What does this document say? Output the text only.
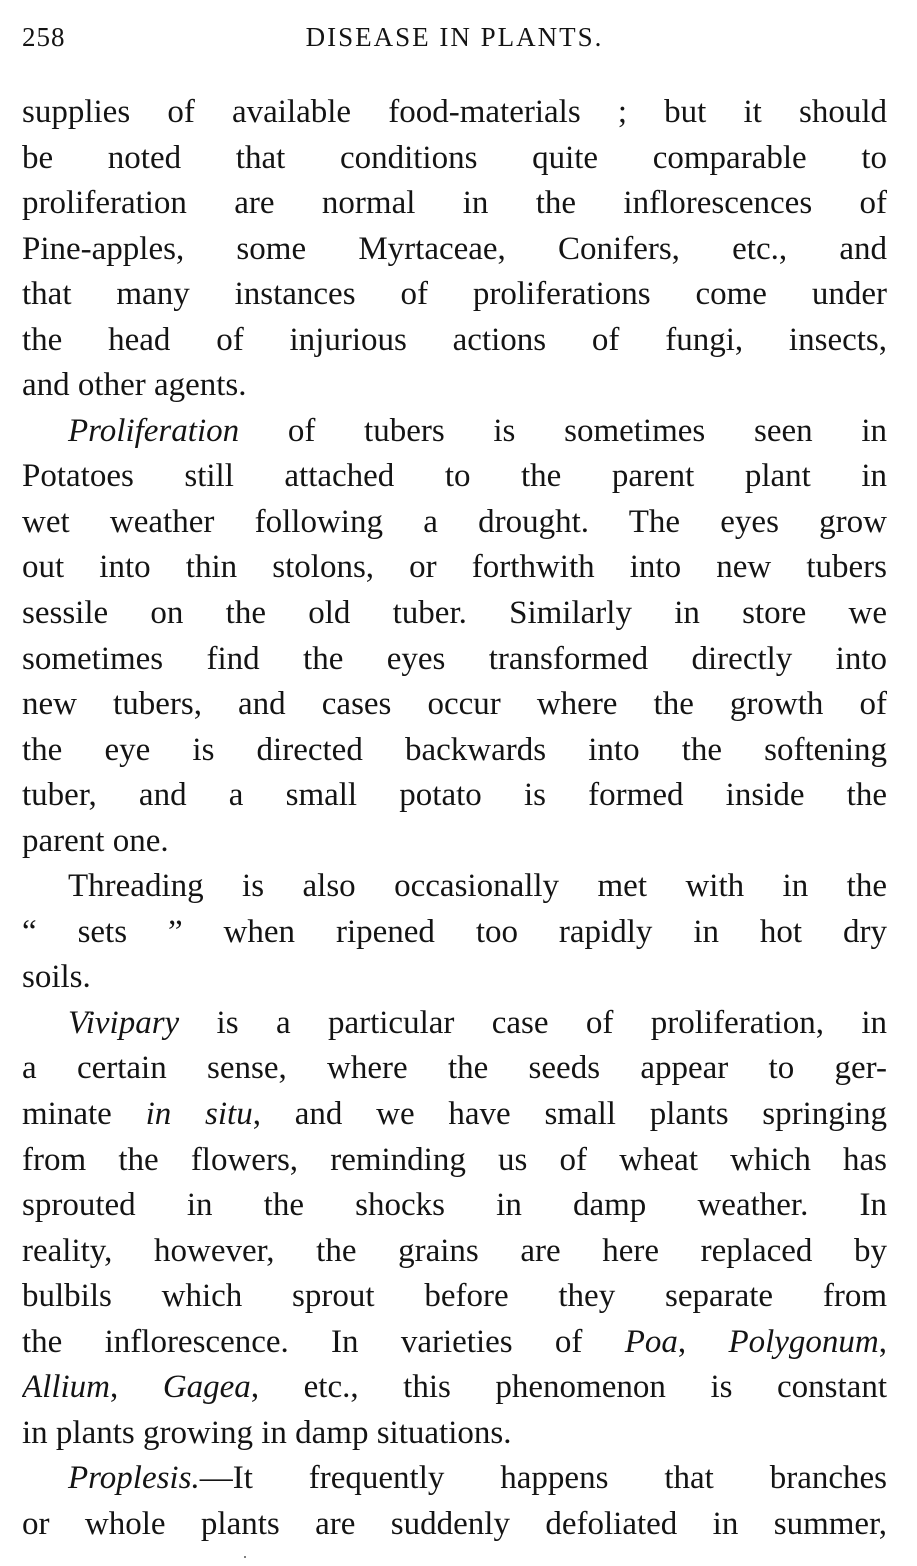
258	DISEASE IN PLANTS.
supplies of available food-materials ; but it should
be noted that conditions quite comparable to
proliferation are normal in the inflorescences of
Pine-apples, some Myrtaceae, Conifers, etc., and
that many instances of proliferations come under
the head of injurious actions of fungi, insects,
and other agents.
Proliferation of tubers is sometimes seen in
Potatoes still attached to the parent plant in
wet weather following a drought. The eyes grow
out into thin stolons, or forthwith into new tubers
sessile on the old tuber. Similarly in store we
sometimes find the eyes transformed directly into
new tubers, and cases occur where the growth of
the eye is directed backwards into the softening
tuber, and a small potato is formed inside the
parent one.
Threading is also occasionally met with in the
“ sets ” when ripened too rapidly in hot dry
soils.
Vivipary is a particular case of proliferation, in
a certain sense, where the seeds appear to ger-
minate in situ, and we have small plants springing
from the flowers, reminding us of wheat which has
sprouted in the shocks in damp weather. In
reality, however, the grains are here replaced by
bulbils which sprout before they separate from
the inflorescence. In varieties of Poa, Polygonum,
Allium, Gagea, etc., this phenomenon is constant
in plants growing in damp situations.
Proplesis.—It frequently happens that branches
or whole plants are suddenly defoliated in summer,
